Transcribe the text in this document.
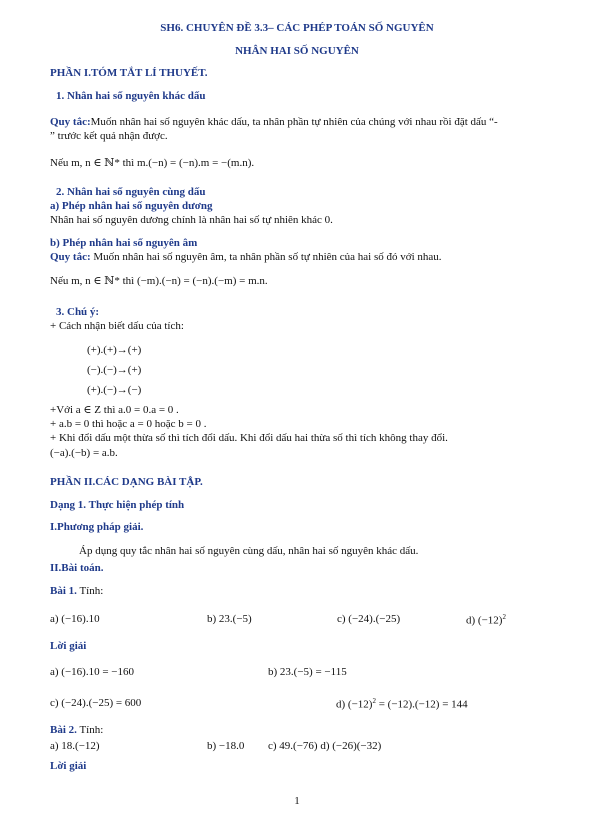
SH6. CHUYÊN ĐỀ 3.3– CÁC PHÉP TOÁN SỐ NGUYÊN
NHÂN HAI SỐ NGUYÊN
PHẦN I.TÓM TẮT LÍ THUYẾT.
1. Nhân hai số nguyên khác dấu
Quy tắc:Muốn nhân hai số nguyên khác dấu, ta nhân phần tự nhiên của chúng với nhau rồi đặt dấu “-
” trước kết quả nhận được.
Nếu m, n ∈ ℕ* thì m.(−n) = (−n).m = −(m.n).
2. Nhân hai số nguyên cùng dấu
a) Phép nhân hai số nguyên dương
Nhân hai số nguyên dương chính là nhân hai số tự nhiên khác 0.
b) Phép nhân hai số nguyên âm
Quy tắc: Muốn nhân hai số nguyên âm, ta nhân phần số tự nhiên của hai số đó với nhau.
Nếu m, n ∈ ℕ* thì (−m).(−n) = (−n).(−m) = m.n.
3. Chú ý:
+ Cách nhận biết dấu của tích:
(+).(+)→(+)
(−).(−)→(+)
(+).(−)→(−)
+Với a ∈ Z thì a.0 = 0.a = 0 .
+ a.b = 0 thì hoặc a = 0 hoặc b = 0 .
+ Khi đổi dấu một thừa số thì tích đổi dấu. Khi đổi dấu hai thừa số thì tích không thay đổi.
(−a).(−b) = a.b.
PHẦN II.CÁC DẠNG BÀI TẬP.
Dạng 1. Thực hiện phép tính
I.Phương pháp giải.
Áp dụng quy tắc nhân hai số nguyên cùng dấu, nhân hai số nguyên khác dấu.
II.Bài toán.
Bài 1. Tính:
a) (−16).10	b) 23.(−5)	c) (−24).(−25)	d) $(-12)^2$
Lời giải
a) (−16).10 = −160	b) 23.(−5) = −115
c) (−24).(−25) = 600	d) $(-12)^2 = (-12).(-12) = 144$
Bài 2. Tính:
a) 18.(−12)	b) −18.0 c) 49.(−76) d) (−26)(−32)
Lời giải
1
